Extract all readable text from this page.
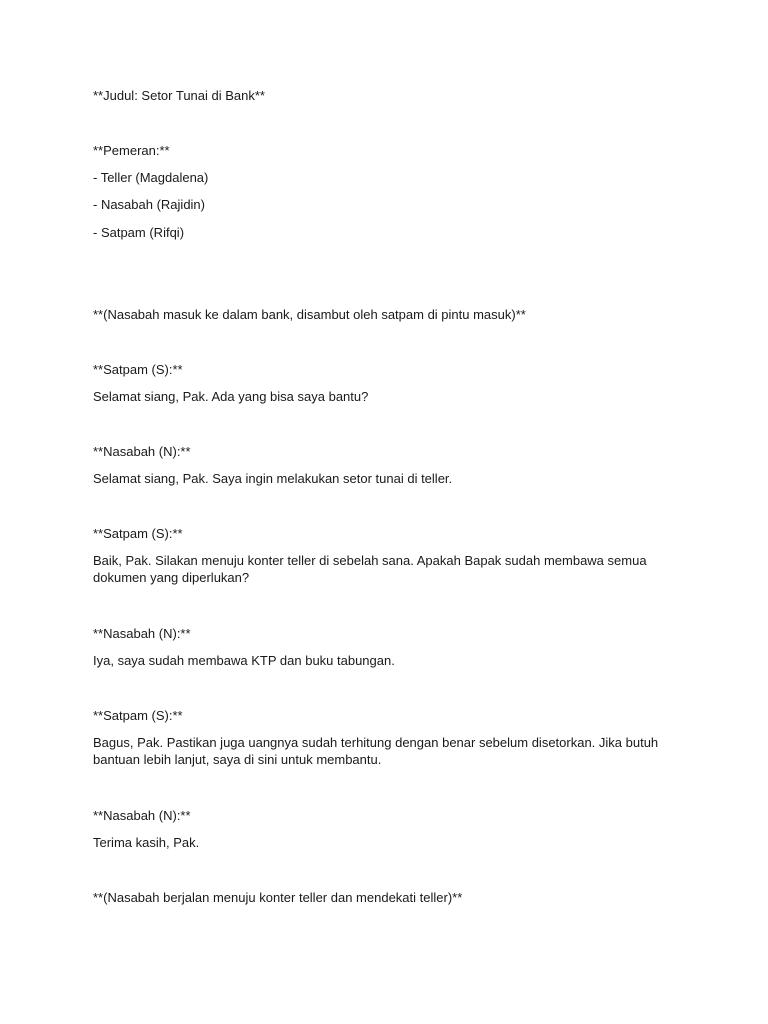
**Judul: Setor Tunai di Bank**
**Pemeran:**
- Teller (Magdalena)
- Nasabah (Rajidin)
- Satpam (Rifqi)
**(Nasabah masuk ke dalam bank, disambut oleh satpam di pintu masuk)**
**Satpam (S):**
Selamat siang, Pak. Ada yang bisa saya bantu?
**Nasabah (N):**
Selamat siang, Pak. Saya ingin melakukan setor tunai di teller.
**Satpam (S):**
Baik, Pak. Silakan menuju konter teller di sebelah sana. Apakah Bapak sudah membawa semua dokumen yang diperlukan?
**Nasabah (N):**
Iya, saya sudah membawa KTP dan buku tabungan.
**Satpam (S):**
Bagus, Pak. Pastikan juga uangnya sudah terhitung dengan benar sebelum disetorkan. Jika butuh bantuan lebih lanjut, saya di sini untuk membantu.
**Nasabah (N):**
Terima kasih, Pak.
**(Nasabah berjalan menuju konter teller dan mendekati teller)**
